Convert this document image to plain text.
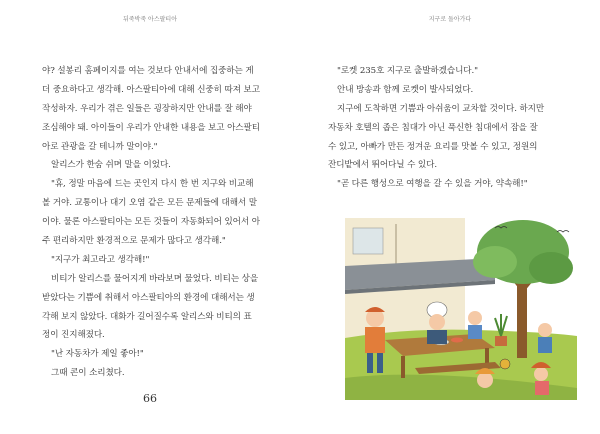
뒤죽박죽 아스팔티아
야? 설봉리 홈페이지를 여는 것보다 안내서에 집중하는 게
더 중요하다고 생각해. 아스팔티아에 대해 신중히 따져 보고
작성하자. 우리가 겪은 일들은 굉장하지만 안내를 잘 해야
조심해야 돼. 아이들이 우리가 안내한 내용을 보고 아스팔티
아로 관광을 갈 테니까 말이야."
알리스가 한숨 쉬며 말을 이었다.
"휴, 정말 마음에 드는 곳인지 다시 한 번 지구와 비교해
볼 거야. 교통이나 대기 오염 같은 모든 문제들에 대해서 말
이야. 물론 아스팔티아는 모든 것들이 자동화되어 있어서 아
주 편리하지만 환경적으로 문제가 많다고 생각해."
"지구가 최고라고 생각해!"
비티가 알리스를 물어지게 바라보며 물었다. 비티는 상을
받았다는 기쁨에 취해서 아스팔티아의 환경에 대해서는 생
각해 보지 않았다. 대화가 길어질수록 알리스와 비티의 표
정이 진지해졌다.
"난 자동차가 제일 좋아!"
그때 콘이 소리쳤다.
66
지구로 돌아가다
"로켓 235호 지구로 출발하겠습니다."
안내 방송과 함께 로켓이 발사되었다.
지구에 도착하면 기쁨과 아쉬움이 교차할 것이다. 하지만
자동차 호텔의 좁은 침대가 아닌 푹신한 침대에서 잠을 잘
수 있고, 아빠가 만든 정겨운 요리를 맛볼 수 있고, 정원의
잔디밭에서 뛰어다닐 수 있다.
"곧 다른 행성으로 여행을 갈 수 있을 거야, 약속해!"
